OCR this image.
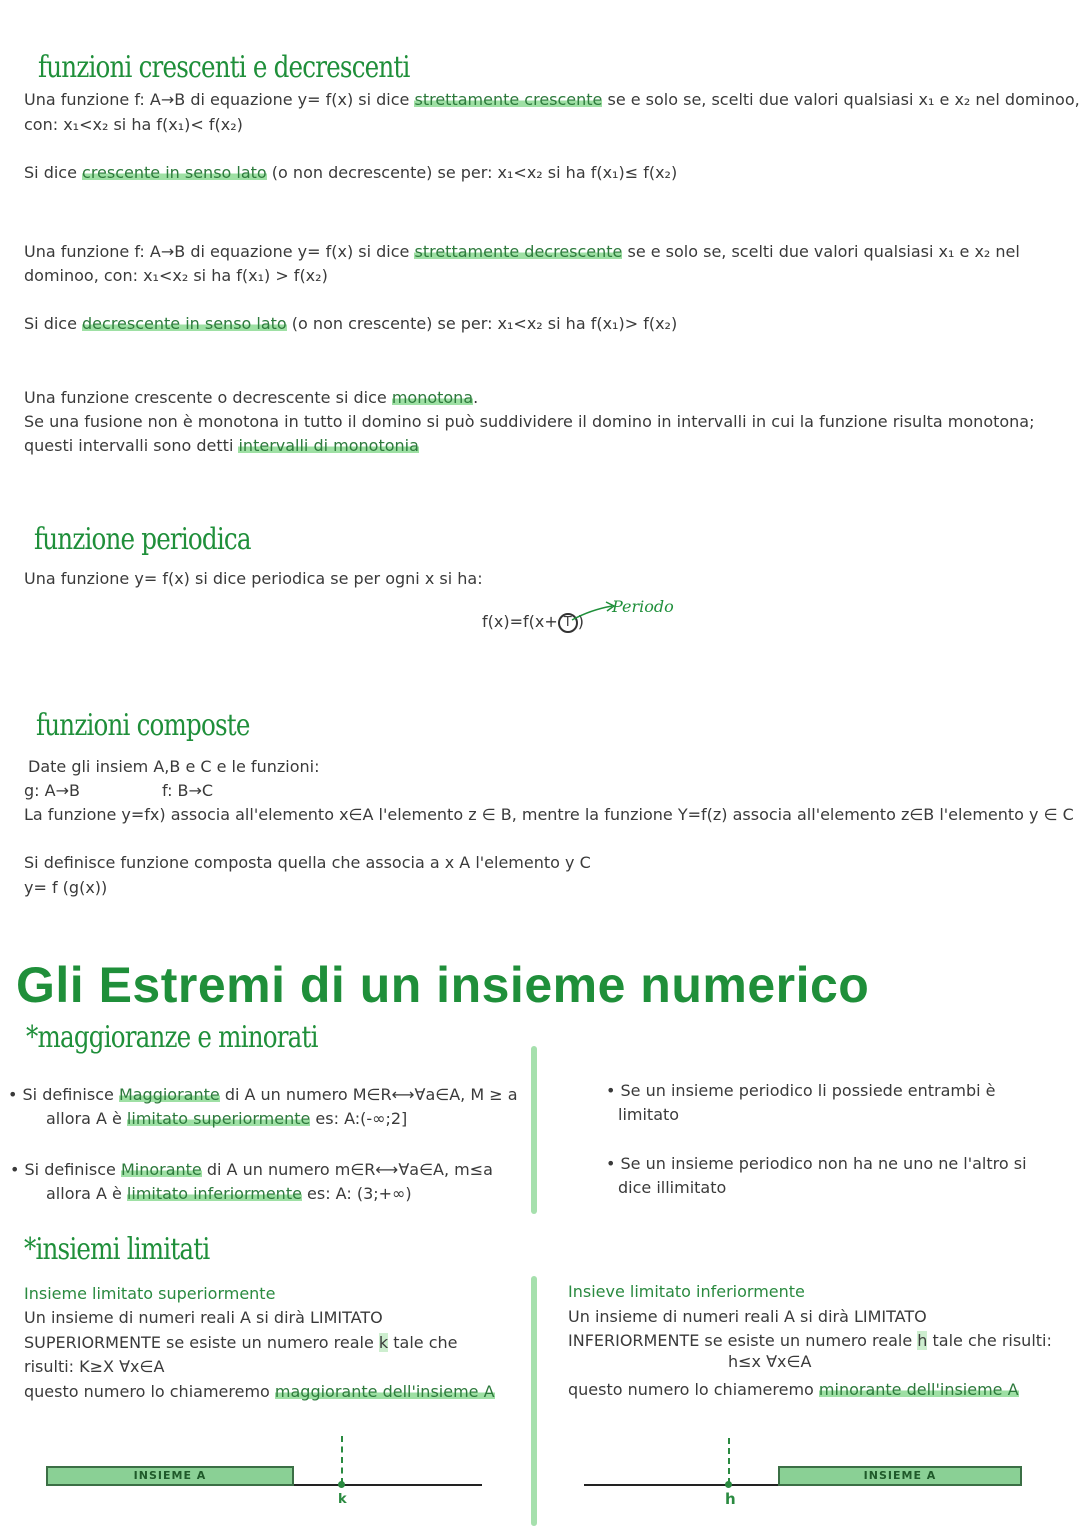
funzioni crescenti e decrescenti
Una funzione f: A→B di equazione y= f(x) si dice strettamente crescente se e solo se, scelti due valori qualsiasi x₁ e x₂ nel dominoo,
con: x₁<x₂ si ha f(x₁)< f(x₂)
Si dice crescente in senso lato (o non decrescente) se per: x₁<x₂ si ha f(x₁)≤ f(x₂)
Una funzione f: A→B di equazione y= f(x) si dice strettamente decrescente se e solo se, scelti due valori qualsiasi x₁ e x₂ nel
dominoo, con: x₁<x₂ si ha f(x₁) > f(x₂)
Si dice decrescente in senso lato (o non crescente) se per: x₁<x₂ si ha f(x₁)> f(x₂)
Una funzione crescente o decrescente si dice monotona.
Se una fusione non è monotona in tutto il domino si può suddividere il domino in intervalli in cui la funzione risulta monotona;
questi intervalli sono detti intervalli di monotonia
funzione periodica
Una funzione y= f(x) si dice periodica se per ogni x si ha:
f(x)=f(x+ T )
Periodo
funzioni composte
Date gli insiem A,B e C e le funzioni:
g: A→B	f: B→C
La funzione y=fx) associa all'elemento x∈A l'elemento z ∈ B, mentre la funzione Y=f(z) associa all'elemento z∈B l'elemento y ∈ C
Si definisce funzione composta quella che associa a x A l'elemento y C
y= f (g(x))
Gli Estremi di un insieme numerico
*maggioranze e minorati
• Si definisce Maggiorante di A un numero M∈R⟷∀a∈A, M ≥ a
allora A è limitato superiormente es: A:(-∞;2]
• Si definisce Minorante di A un numero m∈R⟷∀a∈A, m≤a
allora A è limitato inferiormente es: A: (3;+∞)
• Se un insieme periodico li possiede entrambi è
limitato
• Se un insieme periodico non ha ne uno ne l'altro si
dice illimitato
*insiemi limitati
Insieme limitato superiormente
Un insieme di numeri reali A si dirà LIMITATO
SUPERIORMENTE se esiste un numero reale k tale che
risulti: K≥X ∀x∈A
questo numero lo chiameremo maggiorante dell'insieme A
Insieve limitato inferiormente
Un insieme di numeri reali A si dirà LIMITATO
INFERIORMENTE se esiste un numero reale h tale che risulti:
h≤x ∀x∈A
questo numero lo chiameremo minorante dell'insieme A
INSIEME A
k
INSIEME A
h
